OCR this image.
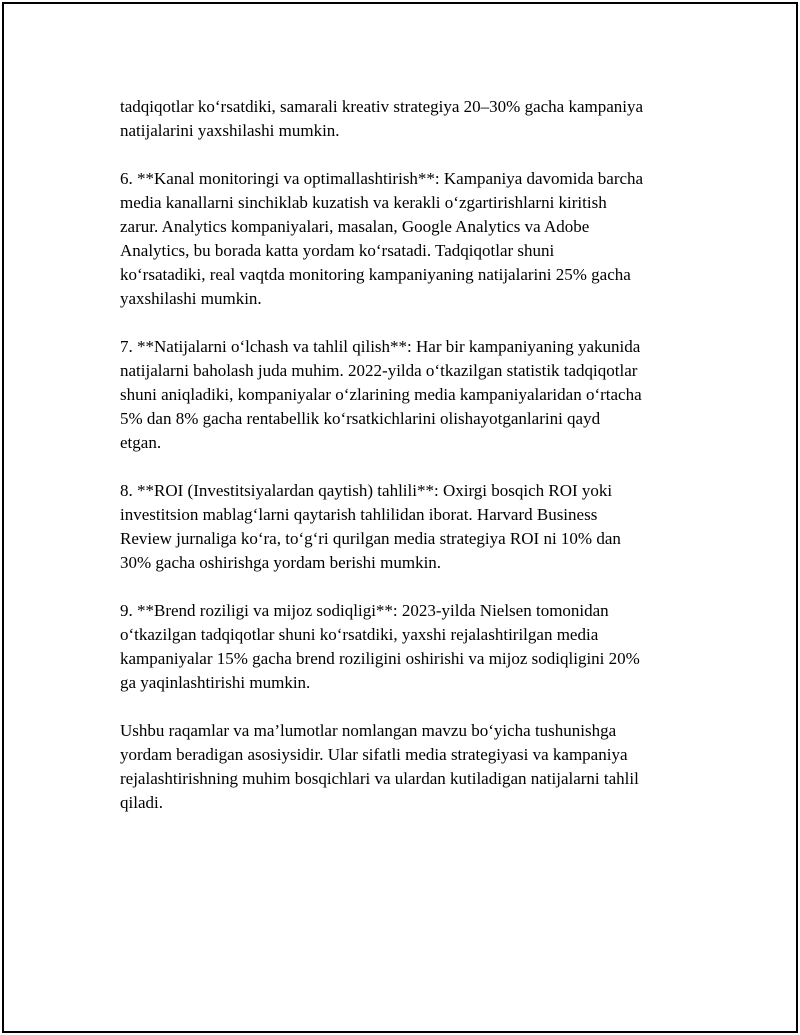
tadqiqotlar ko‘rsatdiki, samarali kreativ strategiya 20–30% gacha kampaniya
natijalarini yaxshilashi mumkin.

6. **Kanal monitoringi va optimallashtirish**: Kampaniya davomida barcha
media kanallarni sinchiklab kuzatish va kerakli o‘zgartirishlarni kiritish
zarur. Analytics kompaniyalari, masalan, Google Analytics va Adobe
Analytics, bu borada katta yordam ko‘rsatadi. Tadqiqotlar shuni
ko‘rsatadiki, real vaqtda monitoring kampaniyaning natijalarini 25% gacha
yaxshilashi mumkin.

7. **Natijalarni o‘lchash va tahlil qilish**: Har bir kampaniyaning yakunida
natijalarni baholash juda muhim. 2022-yilda o‘tkazilgan statistik tadqiqotlar
shuni aniqladiki, kompaniyalar o‘zlarining media kampaniyalaridan o‘rtacha
5% dan 8% gacha rentabellik ko‘rsatkichlarini olishayotganlarini qayd
etgan.

8. **ROI (Investitsiyalardan qaytish) tahlili**: Oxirgi bosqich ROI yoki
investitsion mablag‘larni qaytarish tahlilidan iborat. Harvard Business
Review jurnaliga ko‘ra, to‘g‘ri qurilgan media strategiya ROI ni 10% dan
30% gacha oshirishga yordam berishi mumkin.

9. **Brend roziligi va mijoz sodiqligi**: 2023-yilda Nielsen tomonidan
o‘tkazilgan tadqiqotlar shuni ko‘rsatdiki, yaxshi rejalashtirilgan media
kampaniyalar 15% gacha brend roziligini oshirishi va mijoz sodiqligini 20%
ga yaqinlashtirishi mumkin.

Ushbu raqamlar va ma’lumotlar nomlangan mavzu bo‘yicha tushunishga
yordam beradigan asosiysidir. Ular sifatli media strategiyasi va kampaniya
rejalashtirishning muhim bosqichlari va ulardan kutiladigan natijalarni tahlil
qiladi.
